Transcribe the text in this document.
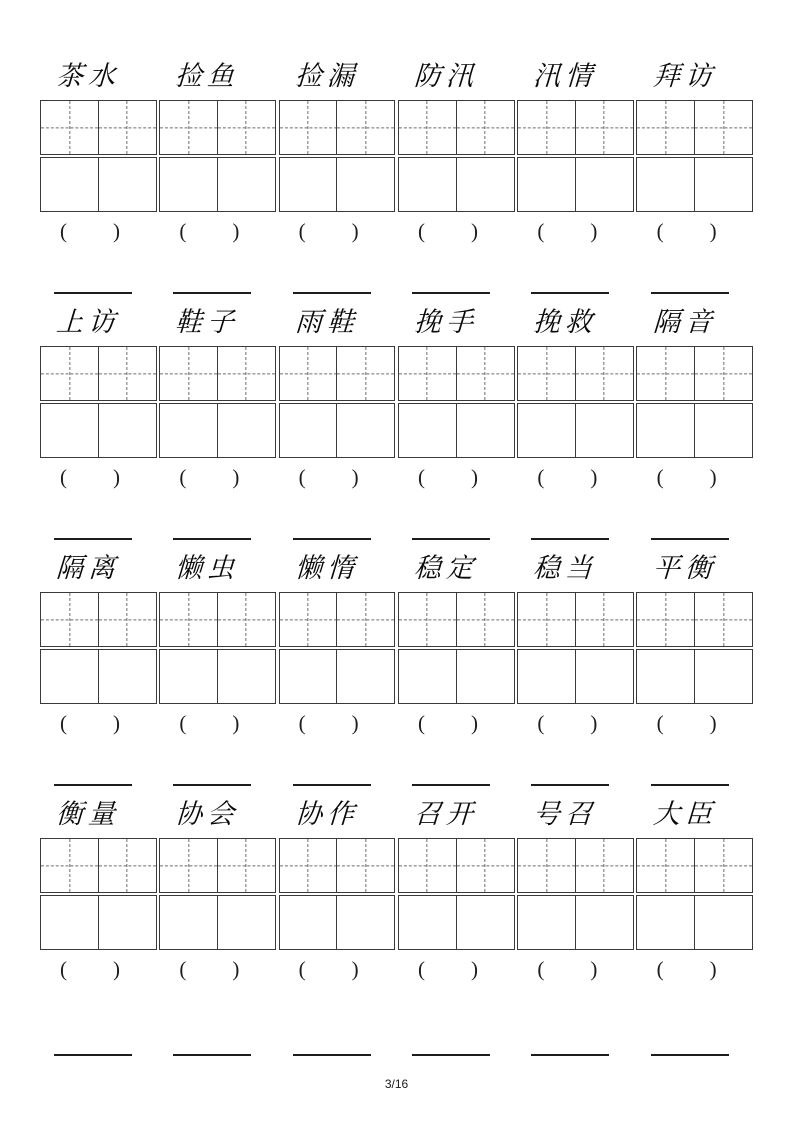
茶水 捡鱼 捡漏 防汛 汛情 拜访
( )	( )	( )	( )	( )	( )
上访 鞋子 雨鞋 挽手 挽救 隔音
( )	( )	( )	( )	( )	( )
隔离 懒虫 懒惰 稳定 稳当 平衡
( )	( )	( )	( )	( )	( )
衡量 协会 协作 召开 号召 大臣
( )	( )	( )	( )	( )	( )
3/16
